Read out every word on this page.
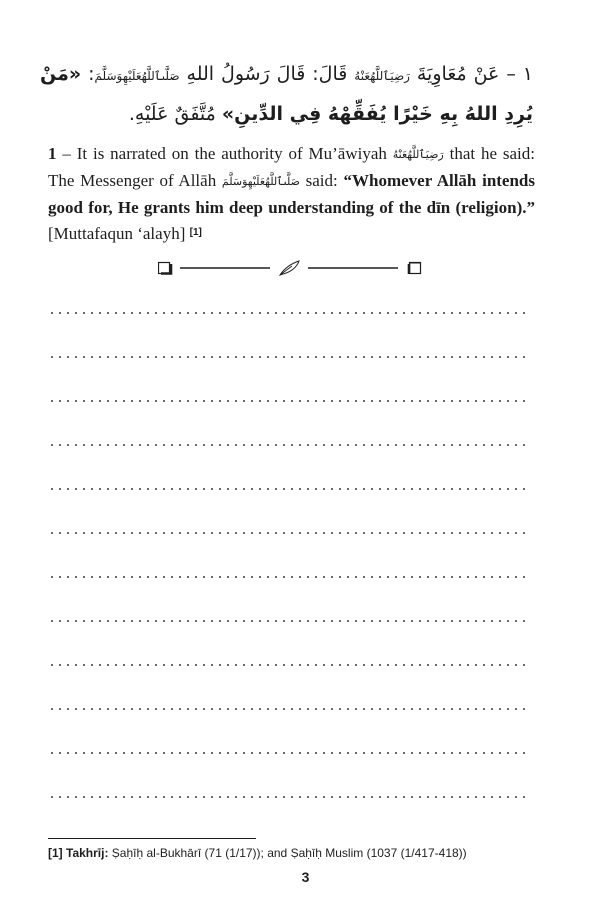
١ – عَنْ مُعَاوِيَةَ رَضِيَٱللَّهُعَنْهُ قَالَ: قَالَ رَسُولُ اللهِ صَلَّىٱللَّهُعَلَيْهِوَسَلَّمَ: «مَنْ يُرِدِ اللهُ بِهِ خَيْرًا يُفَقِّهْهُ فِي الدِّينِ» مُتَّفَقٌ عَلَيْهِ.
1 – It is narrated on the authority of Mu’āwiyah رَضِيَٱللَّهُعَنْهُ that he said: The Messenger of Allāh صَلَّىٱللَّهُعَلَيْهِوَسَلَّمَ said: “Whomever Allāh intends good for, He grants him deep understanding of the dīn (religion).” [Muttafaqun ‘alayh] [1]
[1] Takhrīj: Ṣaḥīḥ al-Bukhārī (71 (1/17)); and Ṣaḥīḥ Muslim (1037 (1/417-418))
3
